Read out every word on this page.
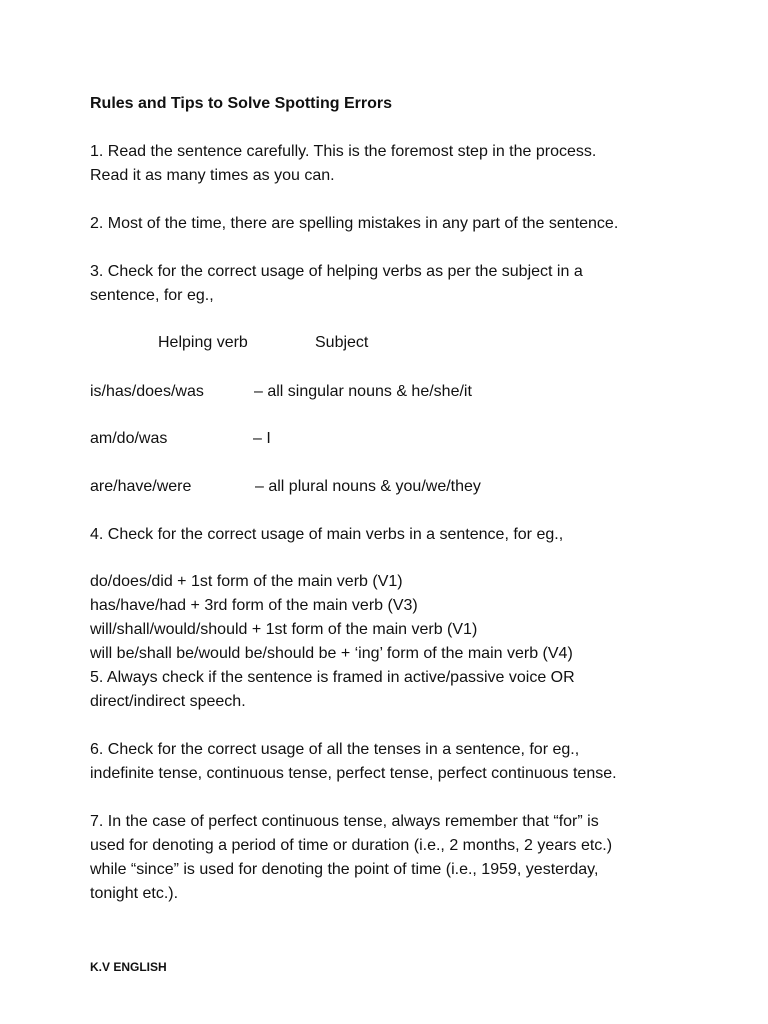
Rules and Tips to Solve Spotting Errors
1. Read the sentence carefully. This is the foremost step in the process.
Read it as many times as you can.
2. Most of the time, there are spelling mistakes in any part of the sentence.
3. Check for the correct usage of helping verbs as per the subject in a
sentence, for eg.,
Helping verb	Subject
is/has/does/was	– all singular nouns & he/she/it
am/do/was	– I
are/have/were	– all plural nouns & you/we/they
4. Check for the correct usage of main verbs in a sentence, for eg.,
do/does/did + 1st form of the main verb (V1)
has/have/had + 3rd form of the main verb (V3)
will/shall/would/should + 1st form of the main verb (V1)
will be/shall be/would be/should be + ‘ing’ form of the main verb (V4)
5. Always check if the sentence is framed in active/passive voice OR
direct/indirect speech.
6. Check for the correct usage of all the tenses in a sentence, for eg.,
indefinite tense, continuous tense, perfect tense, perfect continuous tense.
7. In the case of perfect continuous tense, always remember that “for” is
used for denoting a period of time or duration (i.e., 2 months, 2 years etc.)
while “since” is used for denoting the point of time (i.e., 1959, yesterday,
tonight etc.).
K.V ENGLISH
